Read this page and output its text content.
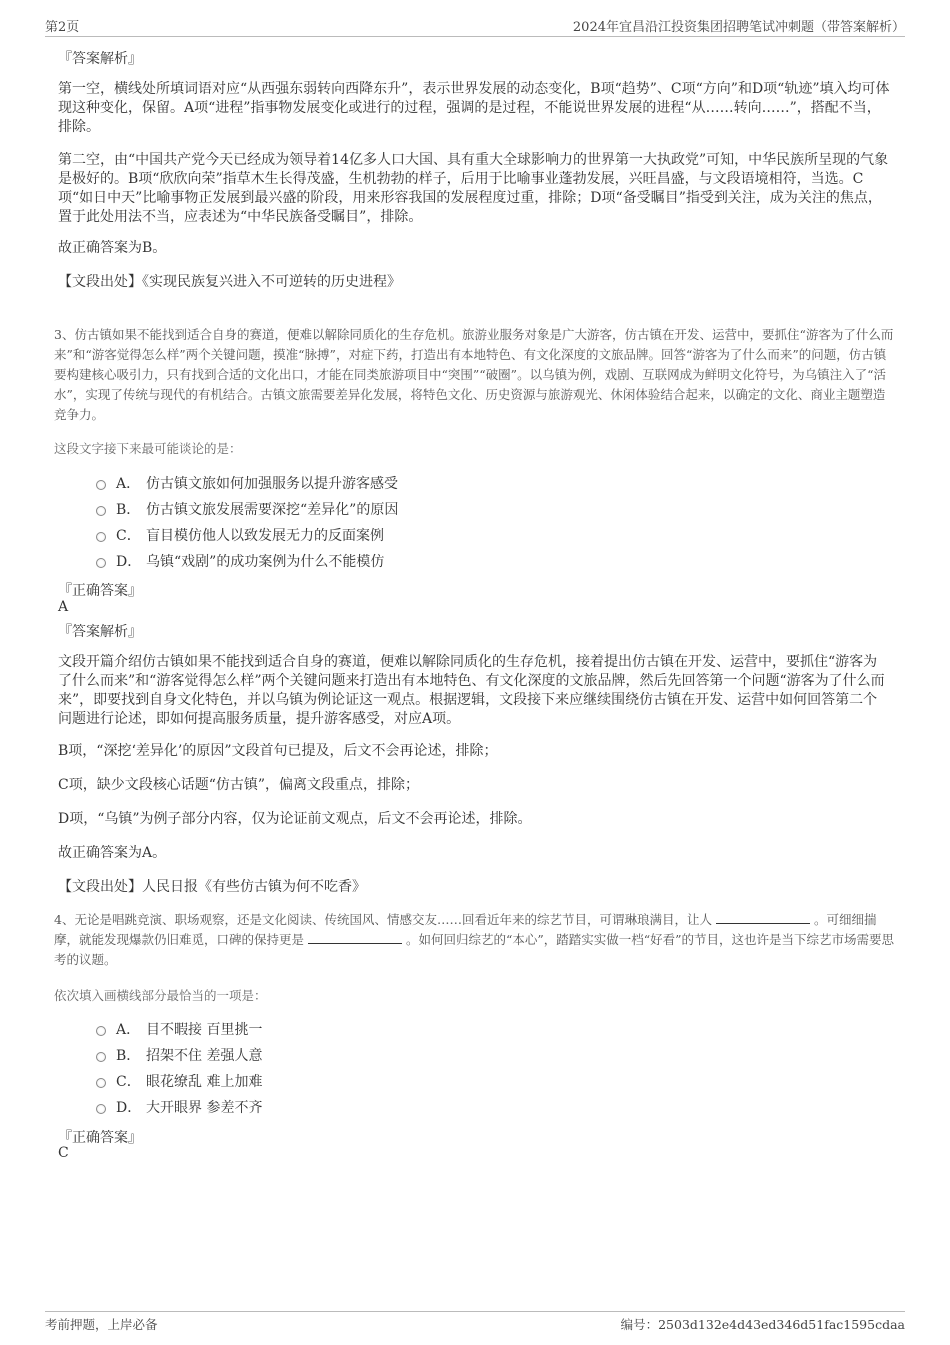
第2页	2024年宜昌沿江投资集团招聘笔试冲刺题（带答案解析）
『答案解析』
第一空，横线处所填词语对应“从西强东弱转向西降东升”，表示世界发展的动态变化，B项“趋势”、C项“方向”和D项“轨迹”填入均可体现这种变化，保留。A项“进程”指事物发展变化或进行的过程，强调的是过程，不能说世界发展的进程“从……转向……”，搭配不当，排除。
第二空，由“中国共产党今天已经成为领导着14亿多人口大国、具有重大全球影响力的世界第一大执政党”可知，中华民族所呈现的气象是极好的。B项“欣欣向荣”指草木生长得茂盛，生机勃勃的样子，后用于比喻事业蓬勃发展，兴旺昌盛，与文段语境相符，当选。C项“如日中天”比喻事物正发展到最兴盛的阶段，用来形容我国的发展程度过重，排除；D项“备受瞩目”指受到关注，成为关注的焦点，置于此处用法不当，应表述为“中华民族备受瞩目”，排除。
故正确答案为B。
【文段出处】《实现民族复兴进入不可逆转的历史进程》
3、仿古镇如果不能找到适合自身的赛道，便难以解除同质化的生存危机。旅游业服务对象是广大游客，仿古镇在开发、运营中，要抓住“游客为了什么而来”和“游客觉得怎么样”两个关键问题，摸准“脉搏”，对症下药，打造出有本地特色、有文化深度的文旅品牌。回答“游客为了什么而来”的问题，仿古镇要构建核心吸引力，只有找到合适的文化出口，才能在同类旅游项目中“突围”“破圈”。以乌镇为例，戏剧、互联网成为鲜明文化符号，为乌镇注入了“活水”，实现了传统与现代的有机结合。古镇文旅需要差异化发展，将特色文化、历史资源与旅游观光、休闲体验结合起来，以确定的文化、商业主题塑造竞争力。
这段文字接下来最可能谈论的是：
A． 仿古镇文旅如何加强服务以提升游客感受
B． 仿古镇文旅发展需要深挖“差异化”的原因
C． 盲目模仿他人以致发展无力的反面案例
D． 乌镇“戏剧”的成功案例为什么不能模仿
『正确答案』
A
『答案解析』
文段开篇介绍仿古镇如果不能找到适合自身的赛道，便难以解除同质化的生存危机，接着提出仿古镇在开发、运营中，要抓住“游客为了什么而来”和“游客觉得怎么样”两个关键问题来打造出有本地特色、有文化深度的文旅品牌，然后先回答第一个问题“游客为了什么而来”，即要找到自身文化特色，并以乌镇为例论证这一观点。根据逻辑，文段接下来应继续围绕仿古镇在开发、运营中如何回答第二个问题进行论述，即如何提高服务质量，提升游客感受，对应A项。
B项，“深挖‘差异化’的原因”文段首句已提及，后文不会再论述，排除；
C项，缺少文段核心话题“仿古镇”，偏离文段重点，排除；
D项，“乌镇”为例子部分内容，仅为论证前文观点，后文不会再论述，排除。
故正确答案为A。
【文段出处】人民日报《有些仿古镇为何不吃香》
4、无论是唱跳竞演、职场观察，还是文化阅读、传统国风、情感交友……回看近年来的综艺节目，可谓琳琅满目，让人	。可细细揣摩，就能发现爆款仍旧难觅，口碑的保持更是	。如何回归综艺的“本心”，踏踏实实做一档“好看”的节目，这也许是当下综艺市场需要思考的议题。
依次填入画横线部分最恰当的一项是：
A． 目不暇接 百里挑一
B． 招架不住 差强人意
C． 眼花缭乱 难上加难
D． 大开眼界 参差不齐
『正确答案』
C
考前押题，上岸必备	编号：2503d132e4d43ed346d51fac1595cdaa
